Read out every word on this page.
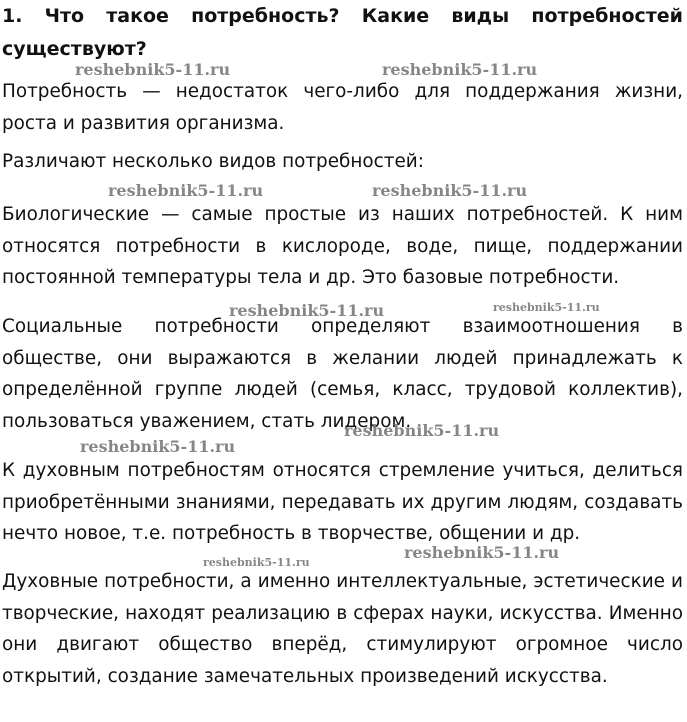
1. Что такое потребность? Какие виды потребностей существуют?

Потребность — недостаток чего-либо для поддержания жизни, роста и развития организма.

Различают несколько видов потребностей:

Биологические — самые простые из наших потребностей. К ним относятся потребности в кислороде, воде, пище, поддержании постоянной температуры тела и др. Это базовые потребности.

Социальные потребности определяют взаимоотношения в обществе, они выражаются в желании людей принадлежать к определённой группе людей (семья, класс, трудовой коллектив), пользоваться уважением, стать лидером.

К духовным потребностям относятся стремление учиться, делиться приобретёнными знаниями, передавать их другим людям, создавать нечто новое, т.е. потребность в творчестве, общении и др.

Духовные потребности, а именно интеллектуальные, эстетические и творческие, находят реализацию в сферах науки, искусства. Именно они двигают общество вперёд, стимулируют огромное число открытий, создание замечательных произведений искусства.

reshebnik5-11.ru	reshebnik5-11.ru
reshebnik5-11.ru	reshebnik5-11.ru
reshebnik5-11.ru	reshebnik5-11.ru
reshebnik5-11.ru
reshebnik5-11.ru
reshebnik5-11.ru
reshebnik5-11.ru
